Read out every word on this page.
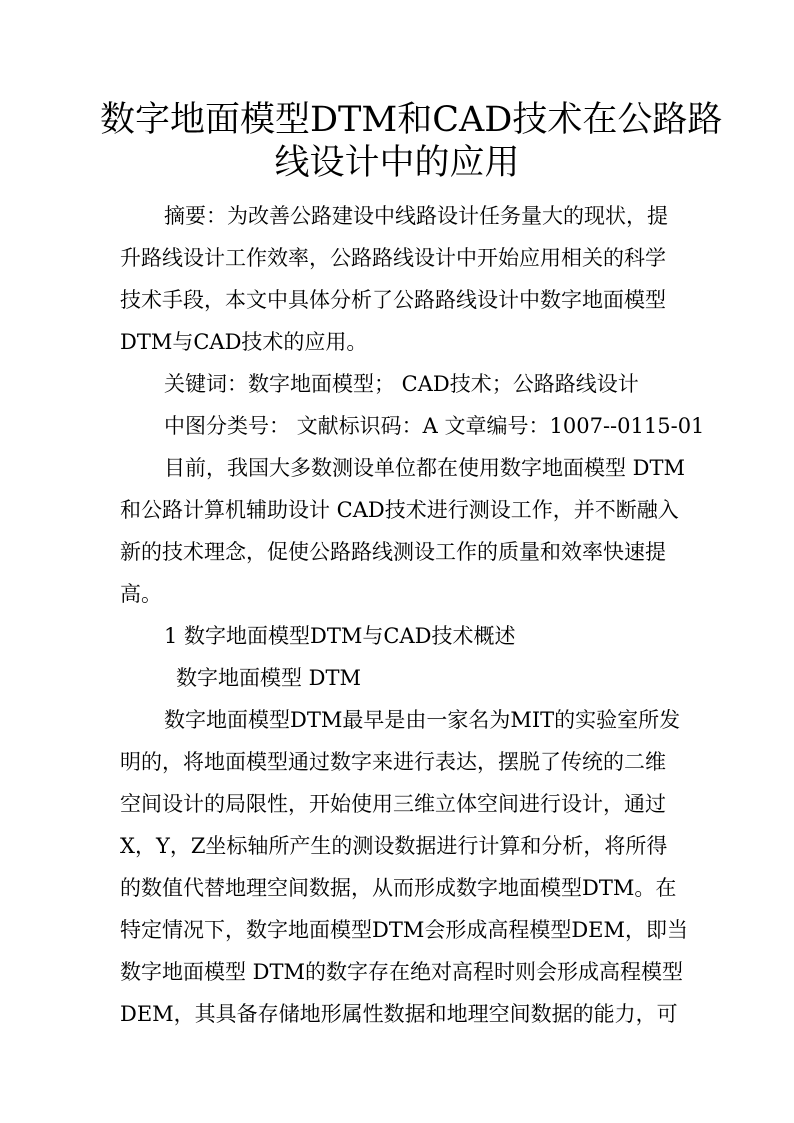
数字地面模型DTM和CAD技术在公路路
线设计中的应用
摘要：为改善公路建设中线路设计任务量大的现状，提
升路线设计工作效率，公路路线设计中开始应用相关的科学
技术手段，本文中具体分析了公路路线设计中数字地面模型
DTM与CAD技术的应用。
关键词：数字地面模型； CAD技术；公路路线设计
中图分类号： 文献标识码：A 文章编号：1007--0115-01
目前，我国大多数测设单位都在使用数字地面模型 DTM
和公路计算机辅助设计 CAD技术进行测设工作，并不断融入
新的技术理念，促使公路路线测设工作的质量和效率快速提
高。
1 数字地面模型DTM与CAD技术概述
数字地面模型 DTM
数字地面模型DTM最早是由一家名为MIT的实验室所发
明的，将地面模型通过数字来进行表达，摆脱了传统的二维
空间设计的局限性，开始使用三维立体空间进行设计，通过
X，Y，Z坐标轴所产生的测设数据进行计算和分析，将所得
的数值代替地理空间数据，从而形成数字地面模型DTM。在
特定情况下，数字地面模型DTM会形成高程模型DEM，即当
数字地面模型 DTM的数字存在绝对高程时则会形成高程模型
DEM，其具备存储地形属性数据和地理空间数据的能力，可
